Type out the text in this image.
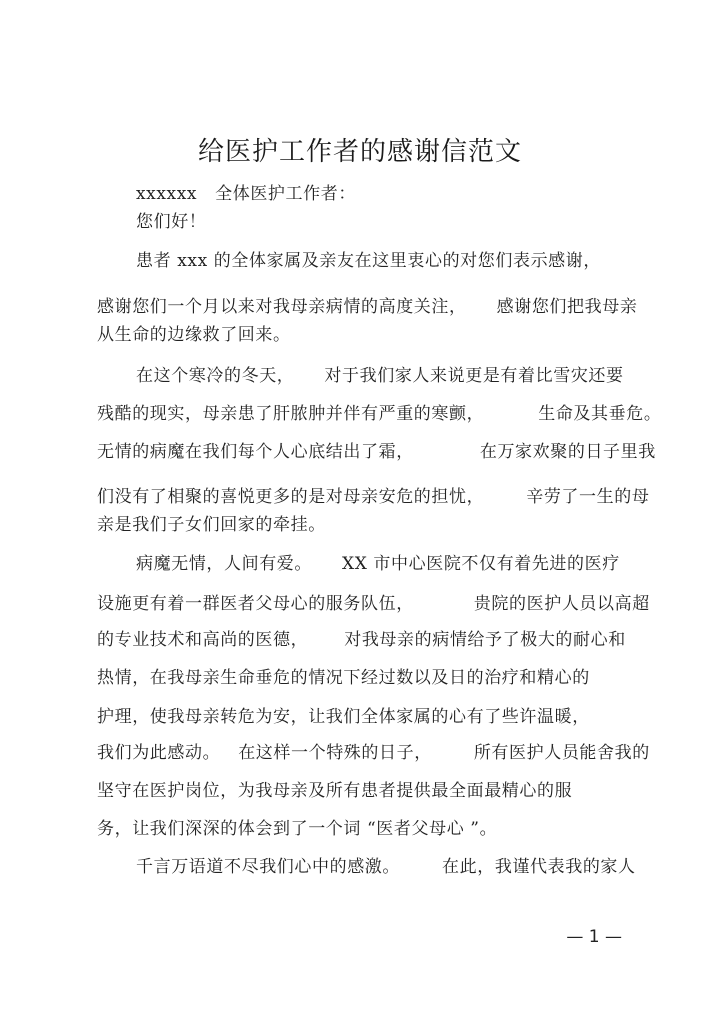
给医护工作者的感谢信范文
xxxxxx   全体医护工作者：
您们好！
患者 xxx 的全体家属及亲友在这里衷心的对您们表示感谢，
感谢您们一个月以来对我母亲病情的高度关注，     感谢您们把我母亲
从生命的边缘救了回来。
在这个寒冷的冬天，     对于我们家人来说更是有着比雪灾还要
残酷的现实，母亲患了肝脓肿并伴有严重的寒颤，         生命及其垂危。
无情的病魔在我们每个人心底结出了霜，           在万家欢聚的日子里我
们没有了相聚的喜悦更多的是对母亲安危的担忧，       辛劳了一生的母
亲是我们子女们回家的牵挂。
病魔无情，人间有爱。     XX 市中心医院不仅有着先进的医疗
设施更有着一群医者父母心的服务队伍，          贵院的医护人员以高超
的专业技术和高尚的医德，      对我母亲的病情给予了极大的耐心和
热情，在我母亲生命垂危的情况下经过数以及日的治疗和精心的
护理，使我母亲转危为安，让我们全体家属的心有了些许温暖，
我们为此感动。   在这样一个特殊的日子，       所有医护人员能舍我的
坚守在医护岗位，为我母亲及所有患者提供最全面最精心的服
务，让我们深深的体会到了一个词 “医者父母心 ”。
千言万语道不尽我们心中的感激。       在此，我谨代表我的家人
— 1 —
